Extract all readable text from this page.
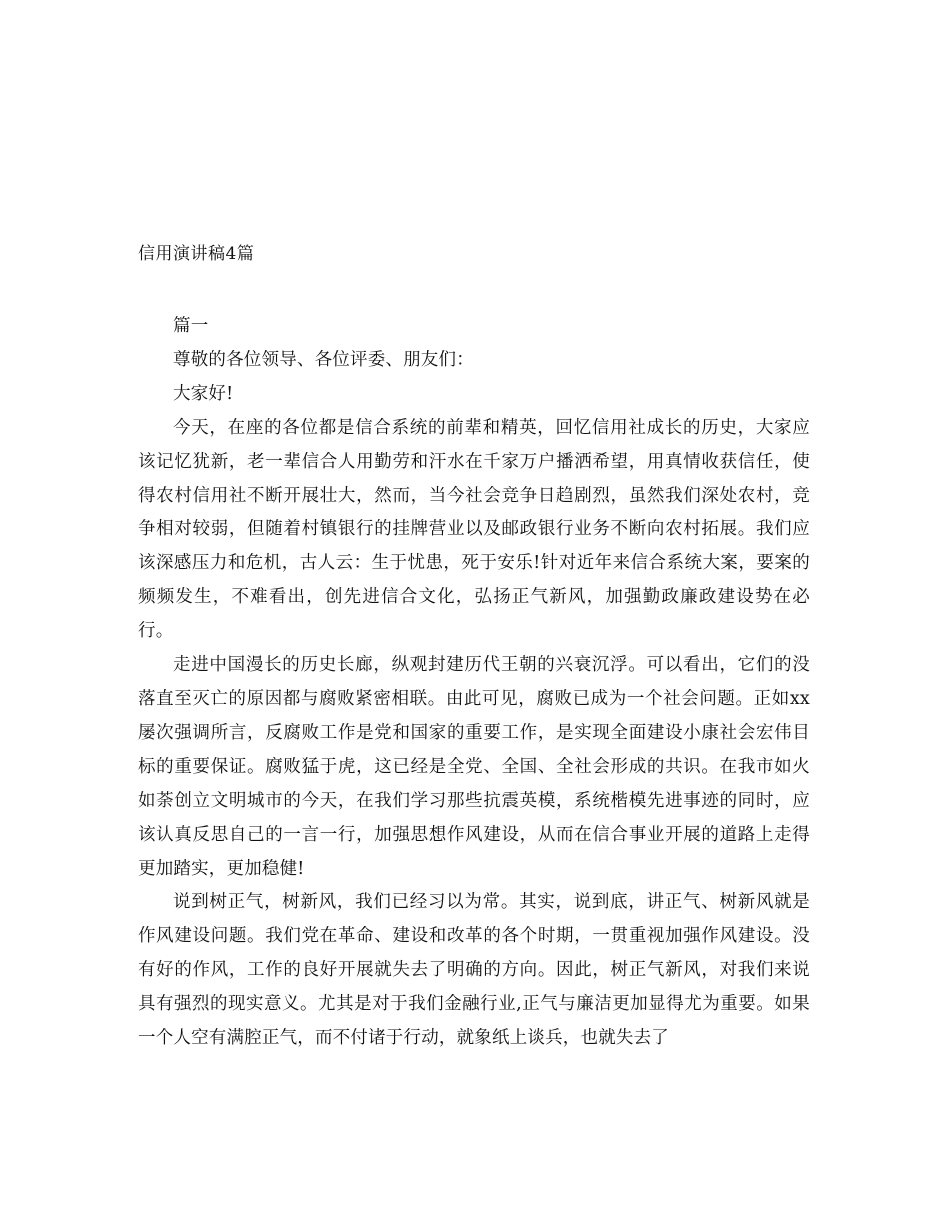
信用演讲稿4篇

篇一

尊敬的各位领导、各位评委、朋友们：

大家好!

今天，在座的各位都是信合系统的前辈和精英，回忆信用社成长的历史，大家应该记忆犹新，老一辈信合人用勤劳和汗水在千家万户播洒希望，用真情收获信任，使得农村信用社不断开展壮大，然而，当今社会竞争日趋剧烈，虽然我们深处农村，竞争相对较弱，但随着村镇银行的挂牌营业以及邮政银行业务不断向农村拓展。我们应该深感压力和危机，古人云：生于忧患，死于安乐!针对近年来信合系统大案，要案的频频发生，不难看出，创先进信合文化，弘扬正气新风，加强勤政廉政建设势在必行。

走进中国漫长的历史长廊，纵观封建历代王朝的兴衰沉浮。可以看出，它们的没落直至灭亡的原因都与腐败紧密相联。由此可见，腐败已成为一个社会问题。正如xx屡次强调所言，反腐败工作是党和国家的重要工作，是实现全面建设小康社会宏伟目标的重要保证。腐败猛于虎，这已经是全党、全国、全社会形成的共识。在我市如火如荼创立文明城市的今天，在我们学习那些抗震英模，系统楷模先进事迹的同时，应该认真反思自己的一言一行，加强思想作风建设，从而在信合事业开展的道路上走得更加踏实，更加稳健!

说到树正气，树新风，我们已经习以为常。其实，说到底，讲正气、树新风就是作风建设问题。我们党在革命、建设和改革的各个时期，一贯重视加强作风建设。没有好的作风，工作的良好开展就失去了明确的方向。因此，树正气新风，对我们来说具有强烈的现实意义。尤其是对于我们金融行业,正气与廉洁更加显得尤为重要。如果一个人空有满腔正气，而不付诸于行动，就象纸上谈兵，也就失去了
